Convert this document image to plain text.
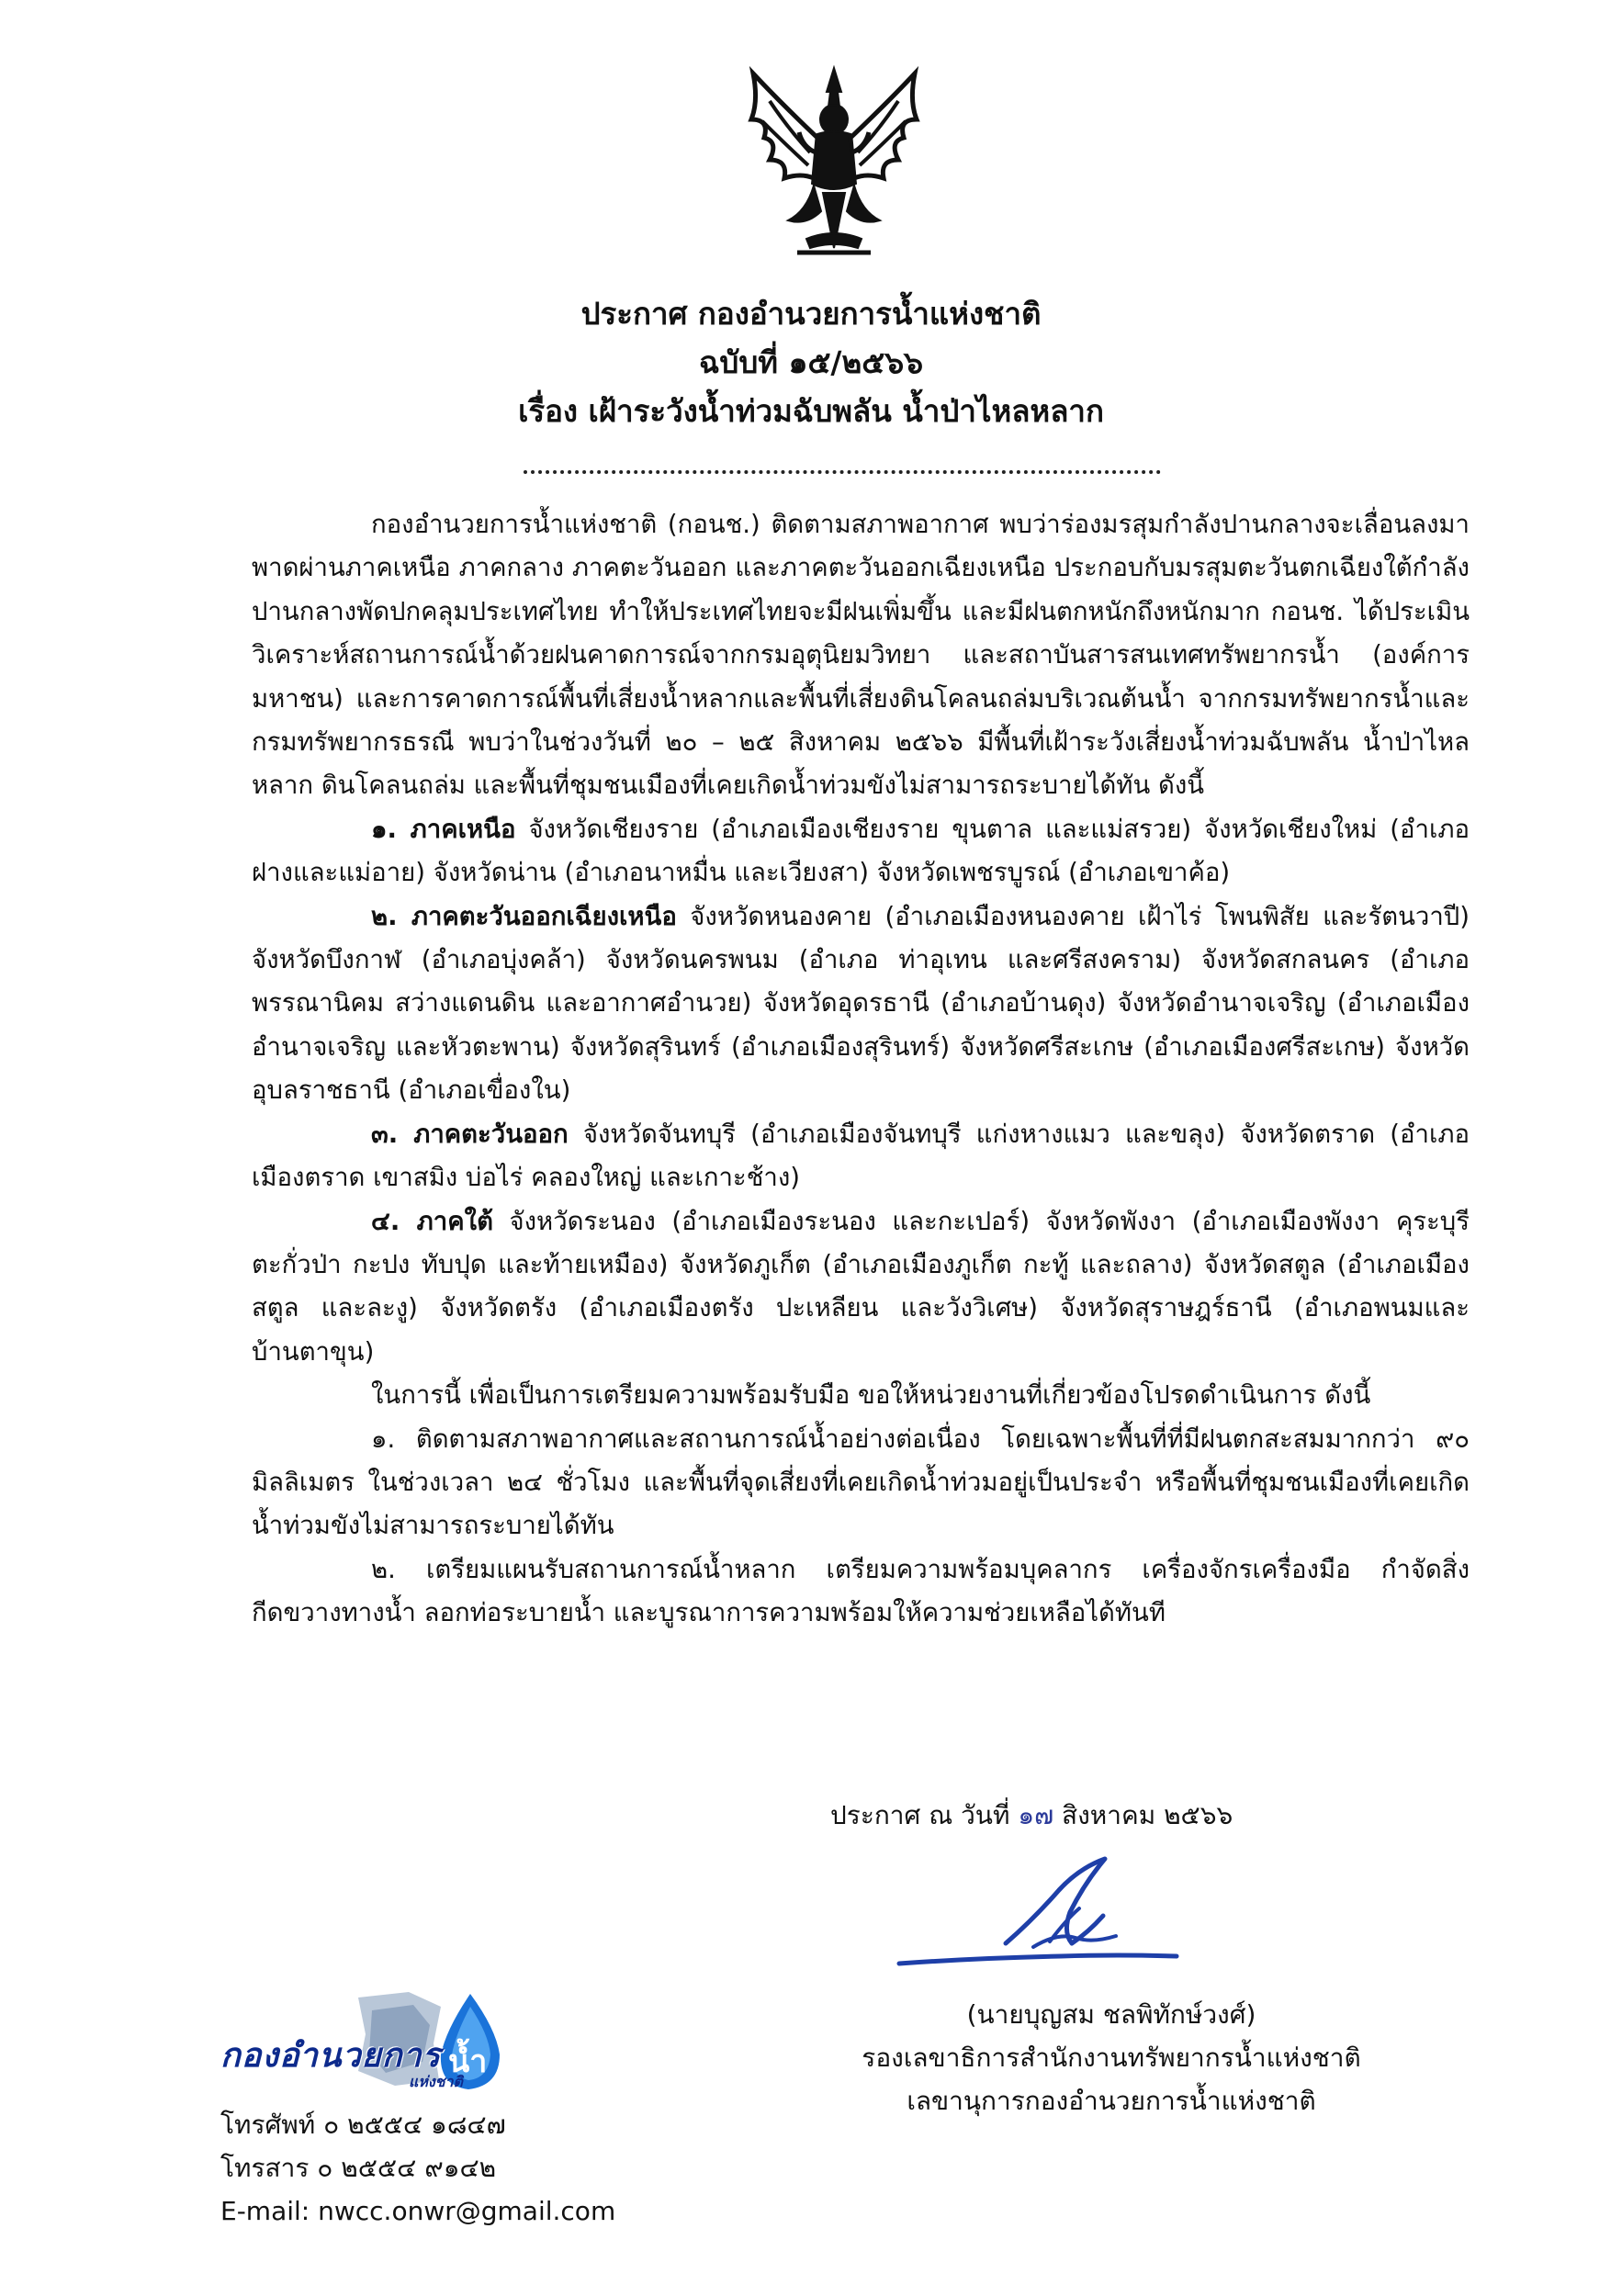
ประกาศ กองอำนวยการน้ำแห่งชาติ
ฉบับที่ ๑๕/๒๕๖๖
เรื่อง เฝ้าระวังน้ำท่วมฉับพลัน น้ำป่าไหลหลาก

กองอำนวยการน้ำแห่งชาติ (กอนช.) ติดตามสภาพอากาศ พบว่าร่องมรสุมกำลังปานกลางจะเลื่อนลงมาพาดผ่านภาคเหนือ ภาคกลาง ภาคตะวันออก และภาคตะวันออกเฉียงเหนือ ประกอบกับมรสุมตะวันตกเฉียงใต้กำลังปานกลางพัดปกคลุมประเทศไทย ทำให้ประเทศไทยจะมีฝนเพิ่มขึ้น และมีฝนตกหนักถึงหนักมาก กอนช. ได้ประเมินวิเคราะห์สถานการณ์น้ำด้วยฝนคาดการณ์จากกรมอุตุนิยมวิทยา และสถาบันสารสนเทศทรัพยากรน้ำ (องค์การมหาชน) และการคาดการณ์พื้นที่เสี่ยงน้ำหลากและพื้นที่เสี่ยงดินโคลนถล่มบริเวณต้นน้ำ จากกรมทรัพยากรน้ำและกรมทรัพยากรธรณี พบว่าในช่วงวันที่ ๒๐ – ๒๕ สิงหาคม ๒๕๖๖ มีพื้นที่เฝ้าระวังเสี่ยงน้ำท่วมฉับพลัน น้ำป่าไหลหลาก ดินโคลนถล่ม และพื้นที่ชุมชนเมืองที่เคยเกิดน้ำท่วมขังไม่สามารถระบายได้ทัน ดังนี้

๑. ภาคเหนือ จังหวัดเชียงราย (อำเภอเมืองเชียงราย ขุนตาล และแม่สรวย) จังหวัดเชียงใหม่ (อำเภอฝางและแม่อาย) จังหวัดน่าน (อำเภอนาหมื่น และเวียงสา) จังหวัดเพชรบูรณ์ (อำเภอเขาค้อ)

๒. ภาคตะวันออกเฉียงเหนือ จังหวัดหนองคาย (อำเภอเมืองหนองคาย เฝ้าไร่ โพนพิสัย และรัตนวาปี) จังหวัดบึงกาฬ (อำเภอบุ่งคล้า) จังหวัดนครพนม (อำเภอ ท่าอุเทน และศรีสงคราม) จังหวัดสกลนคร (อำเภอพรรณานิคม สว่างแดนดิน และอากาศอำนวย) จังหวัดอุดรธานี (อำเภอบ้านดุง) จังหวัดอำนาจเจริญ (อำเภอเมืองอำนาจเจริญ และหัวตะพาน) จังหวัดสุรินทร์ (อำเภอเมืองสุรินทร์) จังหวัดศรีสะเกษ (อำเภอเมืองศรีสะเกษ) จังหวัดอุบลราชธานี (อำเภอเขื่องใน)

๓. ภาคตะวันออก จังหวัดจันทบุรี (อำเภอเมืองจันทบุรี แก่งหางแมว และขลุง) จังหวัดตราด (อำเภอเมืองตราด เขาสมิง บ่อไร่ คลองใหญ่ และเกาะช้าง)

๔. ภาคใต้ จังหวัดระนอง (อำเภอเมืองระนอง และกะเปอร์) จังหวัดพังงา (อำเภอเมืองพังงา คุระบุรี ตะกั่วป่า กะปง ทับปุด และท้ายเหมือง) จังหวัดภูเก็ต (อำเภอเมืองภูเก็ต กะทู้ และถลาง) จังหวัดสตูล (อำเภอเมืองสตูล และละงู) จังหวัดตรัง (อำเภอเมืองตรัง ปะเหลียน และวังวิเศษ) จังหวัดสุราษฎร์ธานี (อำเภอพนมและบ้านตาขุน)

ในการนี้ เพื่อเป็นการเตรียมความพร้อมรับมือ ขอให้หน่วยงานที่เกี่ยวข้องโปรดดำเนินการ ดังนี้

๑. ติดตามสภาพอากาศและสถานการณ์น้ำอย่างต่อเนื่อง โดยเฉพาะพื้นที่ที่มีฝนตกสะสมมากกว่า ๙๐ มิลลิเมตร ในช่วงเวลา ๒๔ ชั่วโมง และพื้นที่จุดเสี่ยงที่เคยเกิดน้ำท่วมอยู่เป็นประจำ หรือพื้นที่ชุมชนเมืองที่เคยเกิดน้ำท่วมขังไม่สามารถระบายได้ทัน

๒. เตรียมแผนรับสถานการณ์น้ำหลาก เตรียมความพร้อมบุคลากร เครื่องจักรเครื่องมือ กำจัดสิ่งกีดขวางทางน้ำ ลอกท่อระบายน้ำ และบูรณาการความพร้อมให้ความช่วยเหลือได้ทันที

ประกาศ ณ วันที่ ๑๗ สิงหาคม ๒๕๖๖
(นายบุญสม ชลพิทักษ์วงศ์)
รองเลขาธิการสำนักงานทรัพยากรน้ำแห่งชาติ
เลขานุการกองอำนวยการน้ำแห่งชาติ
กองอำนวยการ
แห่งชาติ
น้ำ
โทรศัพท์ ๐ ๒๕๕๔ ๑๘๔๗
โทรสาร ๐ ๒๕๕๔ ๙๑๔๒
E-mail: nwcc.onwr@gmail.com
